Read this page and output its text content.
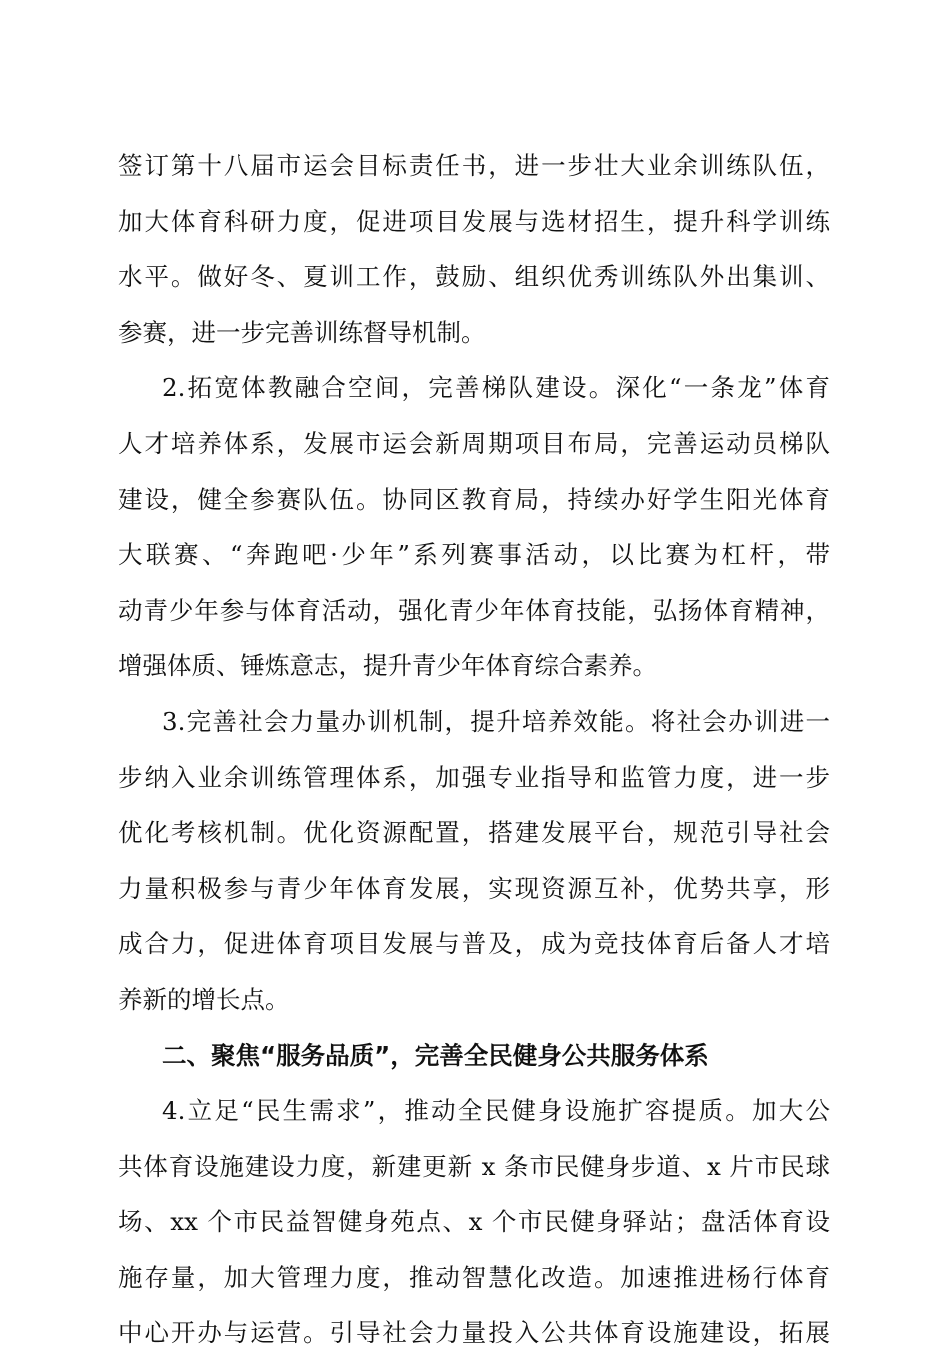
签订第十八届市运会目标责任书，进一步壮大业余训练队伍，
加大体育科研力度，促进项目发展与选材招生，提升科学训练
水平。做好冬、夏训工作，鼓励、组织优秀训练队外出集训、
参赛，进一步完善训练督导机制。
2.拓宽体教融合空间，完善梯队建设。深化“一条龙”体育
人才培养体系，发展市运会新周期项目布局，完善运动员梯队
建设，健全参赛队伍。协同区教育局，持续办好学生阳光体育
大联赛、“奔跑吧·少年”系列赛事活动，以比赛为杠杆，带
动青少年参与体育活动，强化青少年体育技能，弘扬体育精神，
增强体质、锤炼意志，提升青少年体育综合素养。
3.完善社会力量办训机制，提升培养效能。将社会办训进一
步纳入业余训练管理体系，加强专业指导和监管力度，进一步
优化考核机制。优化资源配置，搭建发展平台，规范引导社会
力量积极参与青少年体育发展，实现资源互补，优势共享，形
成合力，促进体育项目发展与普及，成为竞技体育后备人才培
养新的增长点。
二、聚焦“服务品质”，完善全民健身公共服务体系
4.立足“民生需求”，推动全民健身设施扩容提质。加大公
共体育设施建设力度，新建更新 x 条市民健身步道、x 片市民球
场、xx 个市民益智健身苑点、x 个市民健身驿站；盘活体育设
施存量，加大管理力度，推动智慧化改造。加速推进杨行体育
中心开办与运营。引导社会力量投入公共体育设施建设，拓展
